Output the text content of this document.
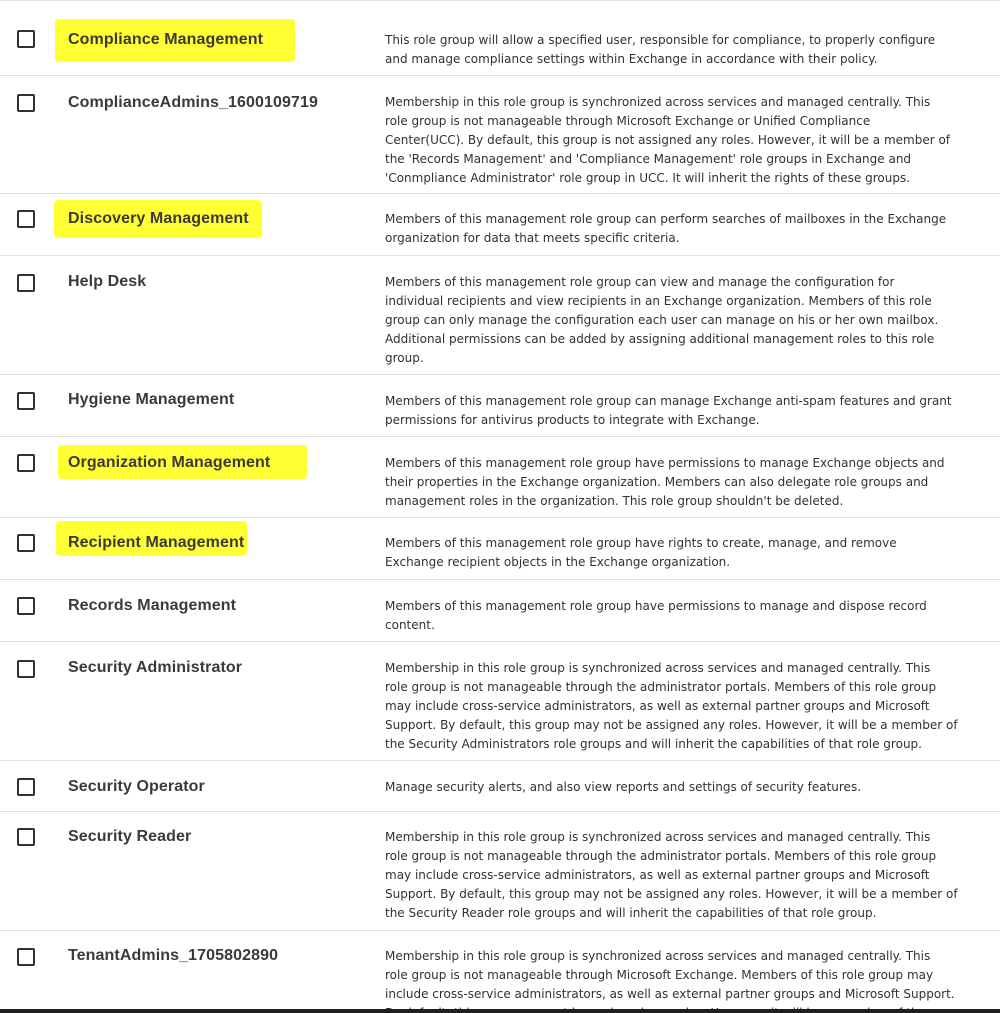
Compliance Management	This role group will allow a specified user, responsible for compliance, to properly configure
and manage compliance settings within Exchange in accordance with their policy.
ComplianceAdmins_1600109719	Membership in this role group is synchronized across services and managed centrally. This
role group is not manageable through Microsoft Exchange or Unified Compliance
Center(UCC). By default, this group is not assigned any roles. However, it will be a member of
the 'Records Management' and 'Compliance Management' role groups in Exchange and
'Conmpliance Administrator' role group in UCC. It will inherit the rights of these groups.
Discovery Management	Members of this management role group can perform searches of mailboxes in the Exchange
organization for data that meets specific criteria.
Help Desk	Members of this management role group can view and manage the configuration for
individual recipients and view recipients in an Exchange organization. Members of this role
group can only manage the configuration each user can manage on his or her own mailbox.
Additional permissions can be added by assigning additional management roles to this role
group.
Hygiene Management	Members of this management role group can manage Exchange anti-spam features and grant
permissions for antivirus products to integrate with Exchange.
Organization Management	Members of this management role group have permissions to manage Exchange objects and
their properties in the Exchange organization. Members can also delegate role groups and
management roles in the organization. This role group shouldn't be deleted.
Recipient Management	Members of this management role group have rights to create, manage, and remove
Exchange recipient objects in the Exchange organization.
Records Management	Members of this management role group have permissions to manage and dispose record
content.
Security Administrator	Membership in this role group is synchronized across services and managed centrally. This
role group is not manageable through the administrator portals. Members of this role group
may include cross-service administrators, as well as external partner groups and Microsoft
Support. By default, this group may not be assigned any roles. However, it will be a member of
the Security Administrators role groups and will inherit the capabilities of that role group.
Security Operator	Manage security alerts, and also view reports and settings of security features.
Security Reader	Membership in this role group is synchronized across services and managed centrally. This
role group is not manageable through the administrator portals. Members of this role group
may include cross-service administrators, as well as external partner groups and Microsoft
Support. By default, this group may not be assigned any roles. However, it will be a member of
the Security Reader role groups and will inherit the capabilities of that role group.
TenantAdmins_1705802890	Membership in this role group is synchronized across services and managed centrally. This
role group is not manageable through Microsoft Exchange. Members of this role group may
include cross-service administrators, as well as external partner groups and Microsoft Support.
